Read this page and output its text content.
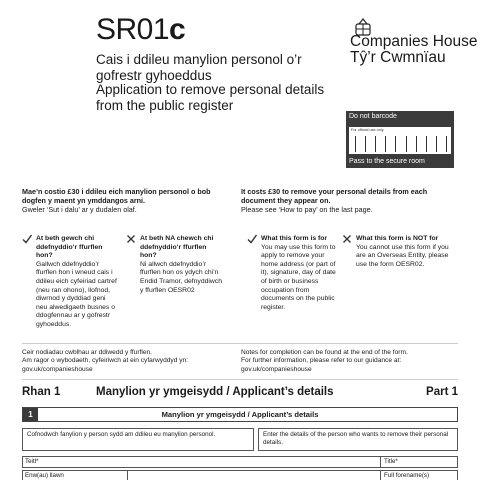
SR01c
Cais i ddileu manylion personol o’r gofrestr gyhoeddus
Application to remove personal details from the public register
Companies House
Tŷ’r Cwmnïau
Do not barcode
For official use only
Pass to the secure room
Mae’n costio £30 i ddileu eich manylion personol o bob dogfen y maent yn ymddangos arni.
Gweler ‘Sut i dalu’ ar y dudalen olaf.
It costs £30 to remove your personal details from each document they appear on.
Please see ‘How to pay’ on the last page.
At beth gewch chi ddefnyddio’r ffurflen hon?
Gallwch ddefnyddio’r ffurflen hon i wneud cais i ddileu eich cyfeiriad cartref (neu ran ohono), llofnod, diwrnod y dyddiad geni neu alwedigaeth busnes o ddogfennau ar y gofrestr gyhoeddus.
At beth NA chewch chi ddefnyddio’r ffurflen hon?
Ni allwch ddefnyddio’r ffurflen hon os ydych chi’n Endid Tramor, defnyddiwch y ffurflen OESR02
What this form is for
You may use this form to apply to remove your home address (or part of it), signature, day of date of birth or business occupation from documents on the public register.
What this form is NOT for
You cannot use this form if you are an Overseas Entity, please use the form OESR02.
Ceir nodiadau cwblhau ar ddiwedd y ffurflen.
Am ragor o wybodaeth, cyfeiriwch at ein cyfarwyddyd yn:
gov.uk/companieshouse
Notes for completion can be found at the end of the form.
For further information, please refer to our guidance at:
gov.uk/companieshouse
Rhan 1	Manylion yr ymgeisydd / Applicant’s details	Part 1
1	Manylion yr ymgeisydd / Applicant’s details
Cofnodwch fanylion y person sydd am ddileu eu manylion personol.	Enter the details of the person who wants to remove their personal details.
Teitl*	Title*
Enw(au) llawn	Full forename(s)
